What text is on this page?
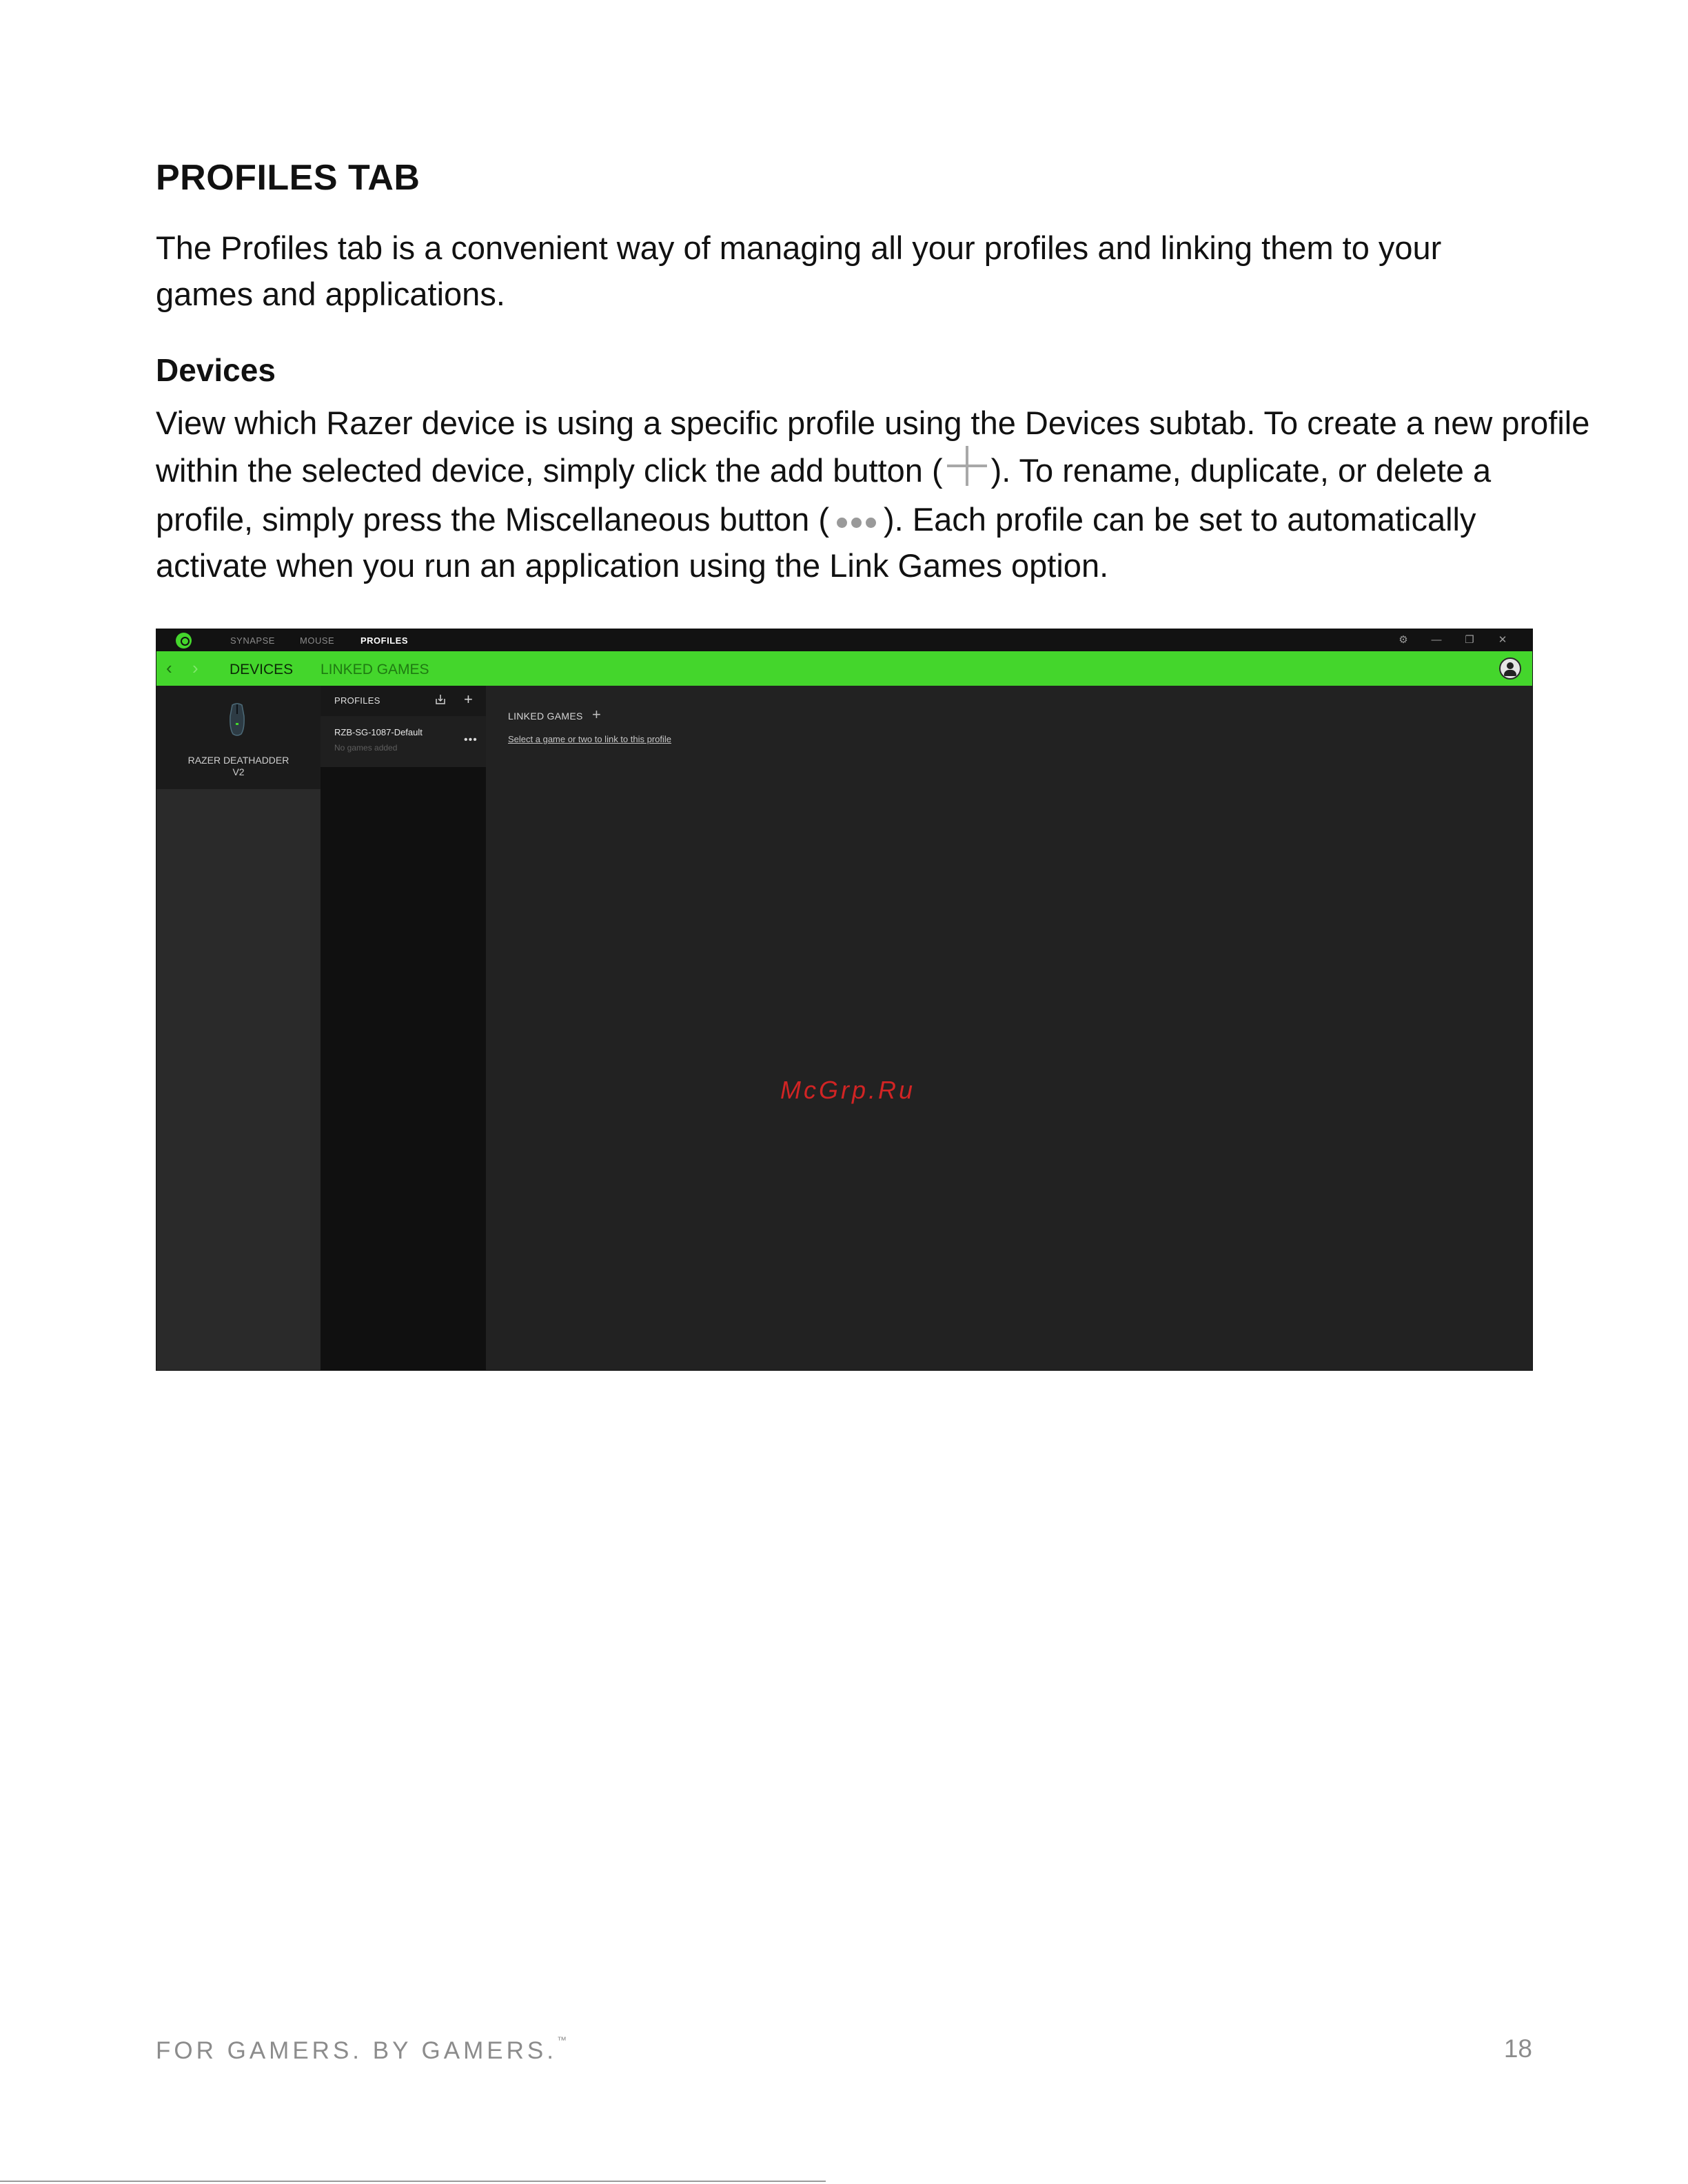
PROFILES TAB
The Profiles tab is a convenient way of managing all your profiles and linking them to your games and applications.
Devices
View which Razer device is using a specific profile using the Devices subtab. To create a new profile
within the selected device, simply click the add button ( ). To rename, duplicate, or delete a
profile, simply press the Miscellaneous button ( ). Each profile can be set to automatically
activate when you run an application using the Link Games option.
SYNAPSE	MOUSE	PROFILES	⚙ — ❐ ✕
‹ › DEVICES LINKED GAMES
RAZER DEATHADDER
V2
PROFILES	+
RZB-SG-1087-Default
No games added
•••
LINKED GAMES +
Select a game or two to link to this profile
McGrp.Ru
FOR GAMERS. BY GAMERS.™	18
